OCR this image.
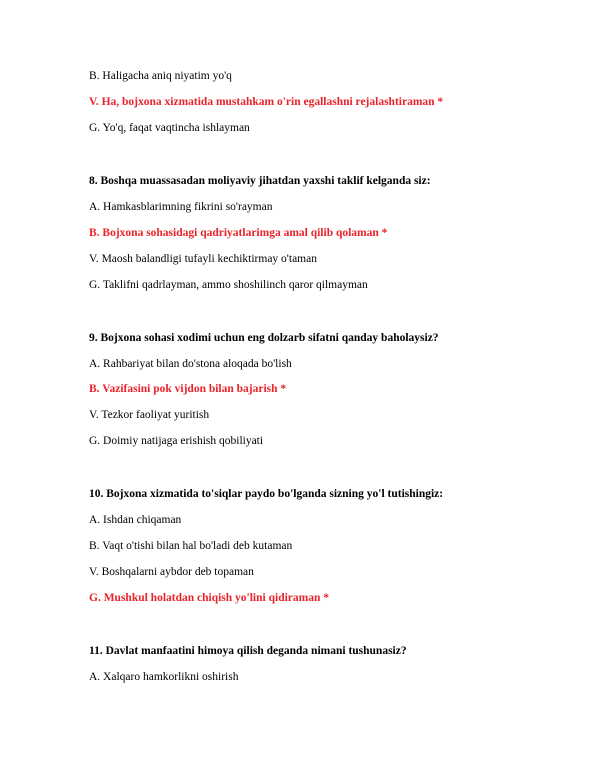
B. Haligacha aniq niyatim yo'q
V. Ha, bojxona xizmatida mustahkam o'rin egallashni rejalashtiraman *
G. Yo'q, faqat vaqtincha ishlayman
8. Boshqa muassasadan moliyaviy jihatdan yaxshi taklif kelganda siz:
A. Hamkasblarimning fikrini so'rayman
B. Bojxona sohasidagi qadriyatlarimga amal qilib qolaman *
V. Maosh balandligi tufayli kechiktirmay o'taman
G. Taklifni qadrlayman, ammo shoshilinch qaror qilmayman
9. Bojxona sohasi xodimi uchun eng dolzarb sifatni qanday baholaysiz?
A. Rahbariyat bilan do'stona aloqada bo'lish
B. Vazifasini pok vijdon bilan bajarish *
V. Tezkor faoliyat yuritish
G. Doimiy natijaga erishish qobiliyati
10. Bojxona xizmatida to'siqlar paydo bo'lganda sizning yo'l tutishingiz:
A. Ishdan chiqaman
B. Vaqt o'tishi bilan hal bo'ladi deb kutaman
V. Boshqalarni aybdor deb topaman
G. Mushkul holatdan chiqish yo'lini qidiraman *
11. Davlat manfaatini himoya qilish deganda nimani tushunasiz?
A. Xalqaro hamkorlikni oshirish
